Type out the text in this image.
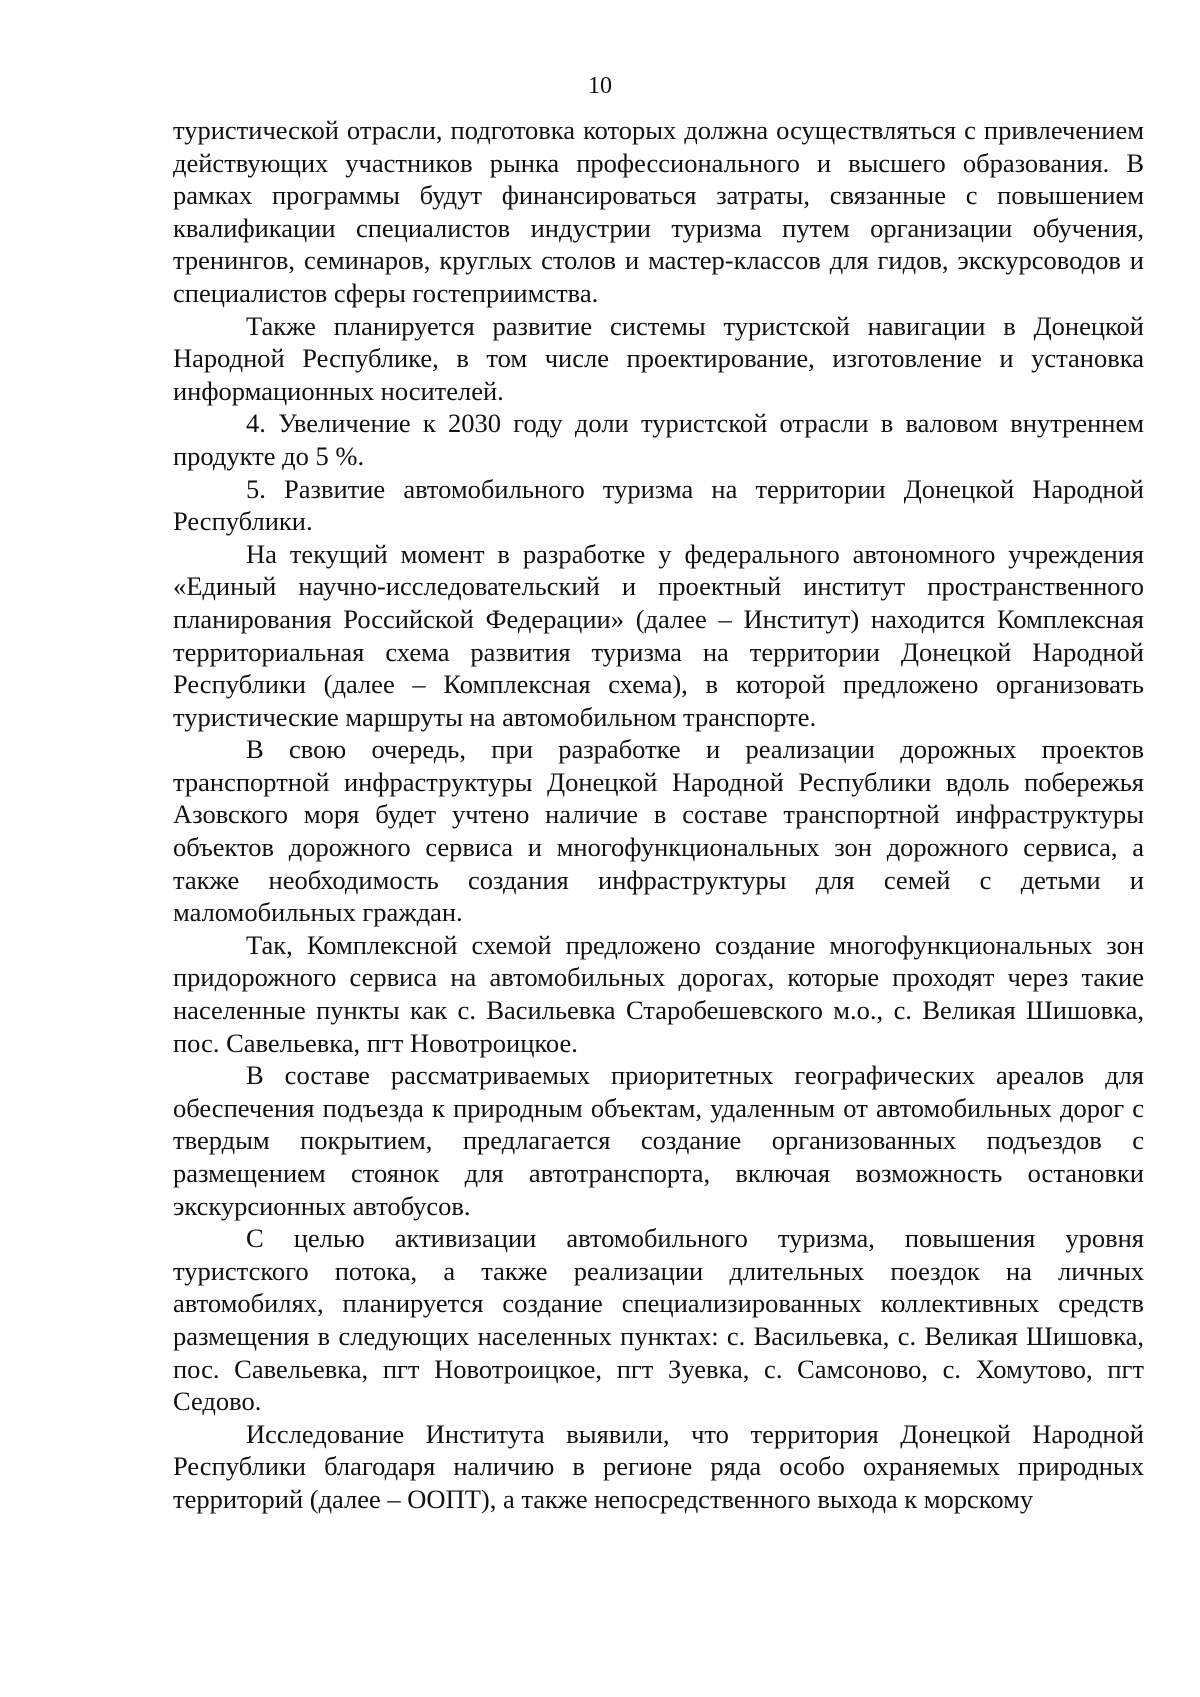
10

туристической отрасли, подготовка которых должна осуществляться с привлечением действующих участников рынка профессионального и высшего образования. В рамках программы будут финансироваться затраты, связанные с повышением квалификации специалистов индустрии туризма путем организации обучения, тренингов, семинаров, круглых столов и мастер-классов для гидов, экскурсоводов и специалистов сферы гостеприимства.

Также планируется развитие системы туристской навигации в Донецкой Народной Республике, в том числе проектирование, изготовление и установка информационных носителей.

4. Увеличение к 2030 году доли туристской отрасли в валовом внутреннем продукте до 5 %.

5. Развитие автомобильного туризма на территории Донецкой Народной Республики.

На текущий момент в разработке у федерального автономного учреждения «Единый научно-исследовательский и проектный институт пространственного планирования Российской Федерации» (далее – Институт) находится Комплексная территориальная схема развития туризма на территории Донецкой Народной Республики (далее – Комплексная схема), в которой предложено организовать туристические маршруты на автомобильном транспорте.

В свою очередь, при разработке и реализации дорожных проектов транспортной инфраструктуры Донецкой Народной Республики вдоль побережья Азовского моря будет учтено наличие в составе транспортной инфраструктуры объектов дорожного сервиса и многофункциональных зон дорожного сервиса, а также необходимость создания инфраструктуры для семей с детьми и маломобильных граждан.

Так, Комплексной схемой предложено создание многофункциональных зон придорожного сервиса на автомобильных дорогах, которые проходят через такие населенные пункты как с. Васильевка Старобешевского м.о., с. Великая Шишовка, пос. Савельевка, пгт Новотроицкое.

В составе рассматриваемых приоритетных географических ареалов для обеспечения подъезда к природным объектам, удаленным от автомобильных дорог с твердым покрытием, предлагается создание организованных подъездов с размещением стоянок для автотранспорта, включая возможность остановки экскурсионных автобусов.

С целью активизации автомобильного туризма, повышения уровня туристского потока, а также реализации длительных поездок на личных автомобилях, планируется создание специализированных коллективных средств размещения в следующих населенных пунктах: с. Васильевка, с. Великая Шишовка, пос. Савельевка, пгт Новотроицкое, пгт Зуевка, с. Самсоново, с. Хомутово, пгт Седово.

Исследование Института выявили, что территория Донецкой Народной Республики благодаря наличию в регионе ряда особо охраняемых природных территорий (далее – ООПТ), а также непосредственного выхода к морскому
